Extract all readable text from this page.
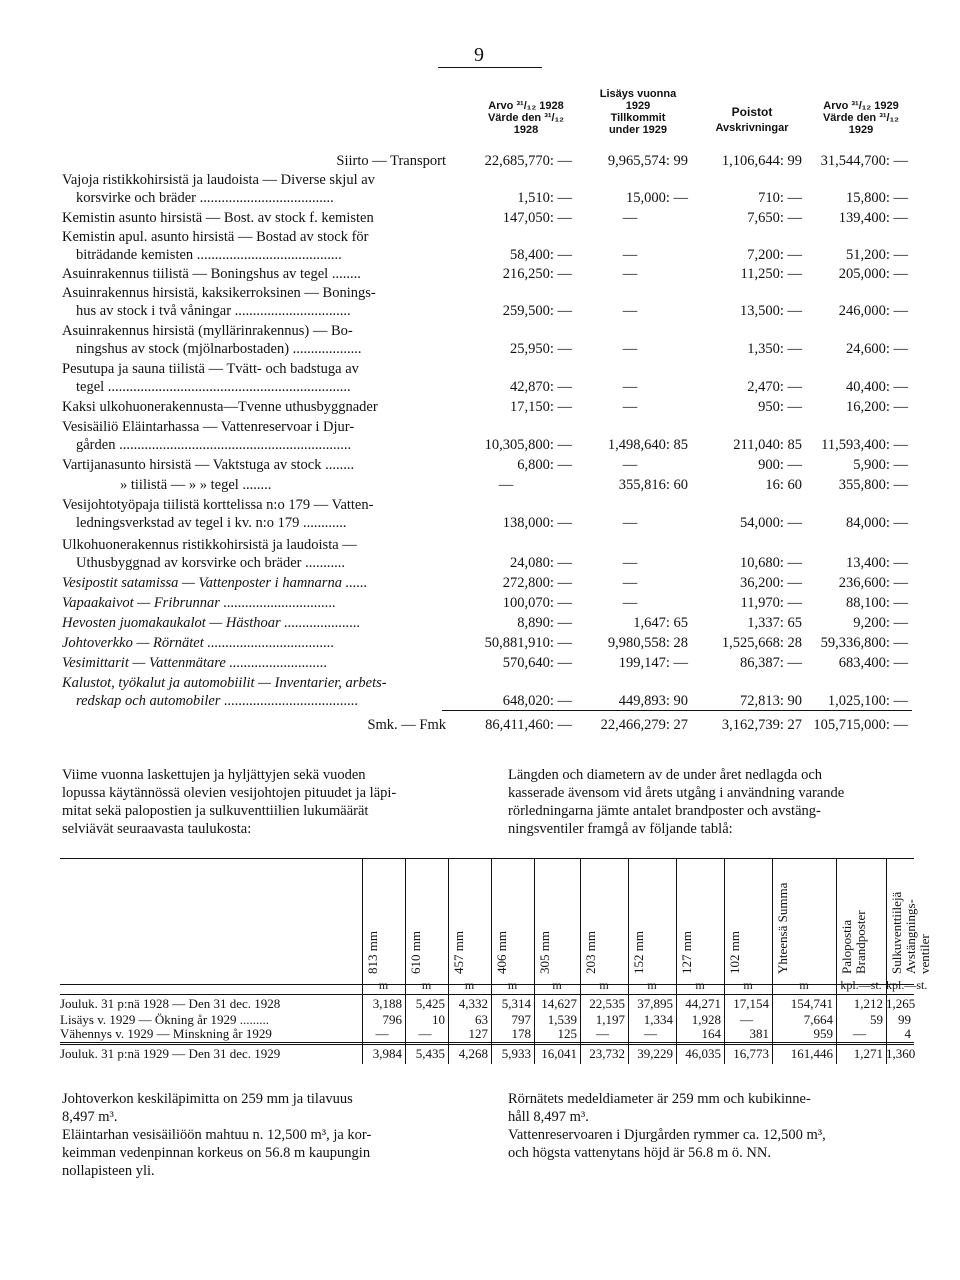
9
Arvo ³¹/₁₂ 1928
Värde den ³¹/₁₂
1928
Lisäys vuonna
1929
Tillkommit
under 1929
Poistot
Avskrivningar
Arvo ³¹/₁₂ 1929
Värde den ³¹/₁₂
1929
Siirto — Transport	22,685,770: —	9,965,574: 99	1,106,644: 99	31,544,700: —
Vajoja ristikkohirsistä ja laudoista — Diverse skjul av
korsvirke och bräder .....................................	1,510: —	15,000: —	710: —	15,800: —
Kemistin asunto hirsistä — Bost. av stock f. kemisten	147,050: —	—	7,650: —	139,400: —
Kemistin apul. asunto hirsistä — Bostad av stock för
biträdande kemisten ........................................	58,400: —	—	7,200: —	51,200: —
Asuinrakennus tiilistä — Boningshus av tegel ........	216,250: —	—	11,250: —	205,000: —
Asuinrakennus hirsistä, kaksikerroksinen — Bonings-
hus av stock i två våningar ................................	259,500: —	—	13,500: —	246,000: —
Asuinrakennus hirsistä (myllärinrakennus) — Bo-
ningshus av stock (mjölnarbostaden) ...................	25,950: —	—	1,350: —	24,600: —
Pesutupa ja sauna tiilistä — Tvätt- och badstuga av
tegel ...................................................................	42,870: —	—	2,470: —	40,400: —
Kaksi ulkohuonerakennusta—Tvenne uthusbyggnader	17,150: —	—	950: —	16,200: —
Vesisäiliö Eläintarhassa — Vattenreservoar i Djur-
gården ................................................................	10,305,800: —	1,498,640: 85	211,040: 85	11,593,400: —
Vartijanasunto hirsistä — Vaktstuga av stock ........	6,800: —	—	900: —	5,900: —
» tiilistä — » » tegel ........	—	355,816: 60	16: 60	355,800: —
Vesijohtotyöpaja tiilistä korttelissa n:o 179 — Vatten-
ledningsverkstad av tegel i kv. n:o 179 ............	138,000: —	—	54,000: —	84,000: —
Ulkohuonerakennus ristikkohirsistä ja laudoista —
Uthusbyggnad av korsvirke och bräder ...........	24,080: —	—	10,680: —	13,400: —
Vesipostit satamissa — Vattenposter i hamnarna ......	272,800: —	—	36,200: —	236,600: —
Vapaakaivot — Fribrunnar ...............................	100,070: —	—	11,970: —	88,100: —
Hevosten juomakaukalot — Hästhoar .....................	8,890: —	1,647: 65	1,337: 65	9,200: —
Johtoverkko — Rörnätet ...................................	50,881,910: —	9,980,558: 28	1,525,668: 28	59,336,800: —
Vesimittarit — Vattenmätare ...........................	570,640: —	199,147: —	86,387: —	683,400: —
Kalustot, työkalut ja automobiilit — Inventarier, arbets-
redskap och automobiler .....................................	648,020: —	449,893: 90	72,813: 90	1,025,100: —
Smk. — Fmk	86,411,460: —	22,466,279: 27	3,162,739: 27 105,715,000: —
Viime vuonna laskettujen ja hyljättyjen sekä vuoden
lopussa käytännössä olevien vesijohtojen pituudet ja läpi-
mitat sekä palopostien ja sulkuventtiilien lukumäärät
selviävät seuraavasta taulukosta:
Längden och diametern av de under året nedlagda och
kasserade ävensom vid årets utgång i användning varande
rörledningarna jämte antalet brandposter och avstäng-
ningsventiler framgå av följande tablå:
813 mm	610 mm	457 mm	406 mm	305 mm	203 mm	152 mm	127 mm	102 mm	Yhteensä Summa	Palopostia Brandposter	Sulkuventtiilejä Avstängnings-ventiler
m	m	m	m	m	m	m	m	m	m	kpl.—st. kpl.—st.
Jouluk. 31 p:nä 1928 — Den 31 dec. 1928	3,188	5,425	4,332	5,314 14,627 22,535 37,895 44,271 17,154	154,741	1,212 1,265
Lisäys v. 1929 — Ökning år 1929 .........	796	10	63	797	1,539	1,197	1,334	1,928	—	7,664	59	99
Vähennys v. 1929 — Minskning år 1929	—	—	127	178	125	—	—	164	381	959	—	4
Jouluk. 31 p:nä 1929 — Den 31 dec. 1929	3,984	5,435	4,268	5,933 16,041 23,732 39,229 46,035 16,773	161,446	1,271 1,360
Johtoverkon keskiläpimitta on 259 mm ja tilavuus
8,497 m³.
Eläintarhan vesisäiliöön mahtuu n. 12,500 m³, ja kor-
keimman vedenpinnan korkeus on 56.8 m kaupungin
nollapisteen yli.
Rörnätets medeldiameter är 259 mm och kubikinne-
håll 8,497 m³.
Vattenreservoaren i Djurgården rymmer ca. 12,500 m³,
och högsta vattenytans höjd är 56.8 m ö. NN.
